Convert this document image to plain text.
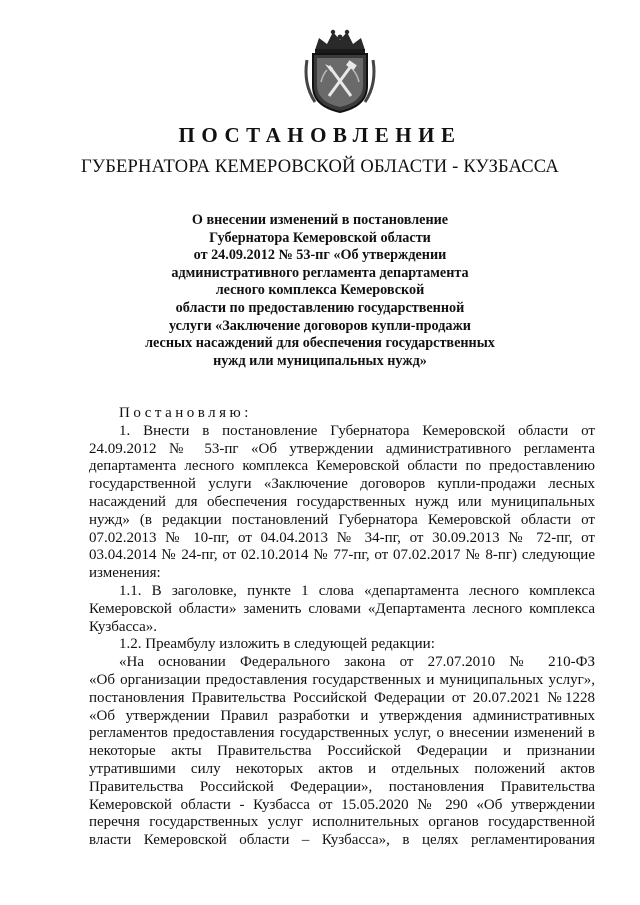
ПОСТАНОВЛЕНИЕ
ГУБЕРНАТОРА КЕМЕРОВСКОЙ ОБЛАСТИ - КУЗБАССА
О внесении изменений в постановление
Губернатора Кемеровской области
от 24.09.2012 № 53-пг «Об утверждении
административного регламента департамента
лесного комплекса Кемеровской
области по предоставлению государственной
услуги «Заключение договоров купли-продажи
лесных насаждений для обеспечения государственных
нужд или муниципальных нужд»
Постановляю:
1. Внести в постановление Губернатора Кемеровской области от
24.09.2012 № 53-пг «Об утверждении административного регламента
департамента лесного комплекса Кемеровской области по предоставлению
государственной услуги «Заключение договоров купли-продажи лесных
насаждений для обеспечения государственных нужд или муниципальных
нужд» (в редакции постановлений Губернатора Кемеровской области от
07.02.2013 № 10-пг, от 04.04.2013 № 34-пг, от 30.09.2013 № 72-пг, от
03.04.2014 № 24-пг, от 02.10.2014 № 77-пг, от 07.02.2017 № 8-пг) следующие
изменения:
1.1. В заголовке, пункте 1 слова «департамента лесного комплекса
Кемеровской области» заменить словами «Департамента лесного комплекса
Кузбасса».
1.2. Преамбулу изложить в следующей редакции:
«На основании Федерального закона от 27.07.2010 № 210-ФЗ
«Об организации предоставления государственных и муниципальных услуг»,
постановления Правительства Российской Федерации от 20.07.2021 №1228
«Об утверждении Правил разработки и утверждения административных
регламентов предоставления государственных услуг, о внесении изменений в
некоторые акты Правительства Российской Федерации и признании
утратившими силу некоторых актов и отдельных положений актов
Правительства Российской Федерации», постановления Правительства
Кемеровской области - Кузбасса от 15.05.2020 № 290 «Об утверждении
перечня государственных услуг исполнительных органов государственной
власти Кемеровской области – Кузбасса», в целях регламентирования
